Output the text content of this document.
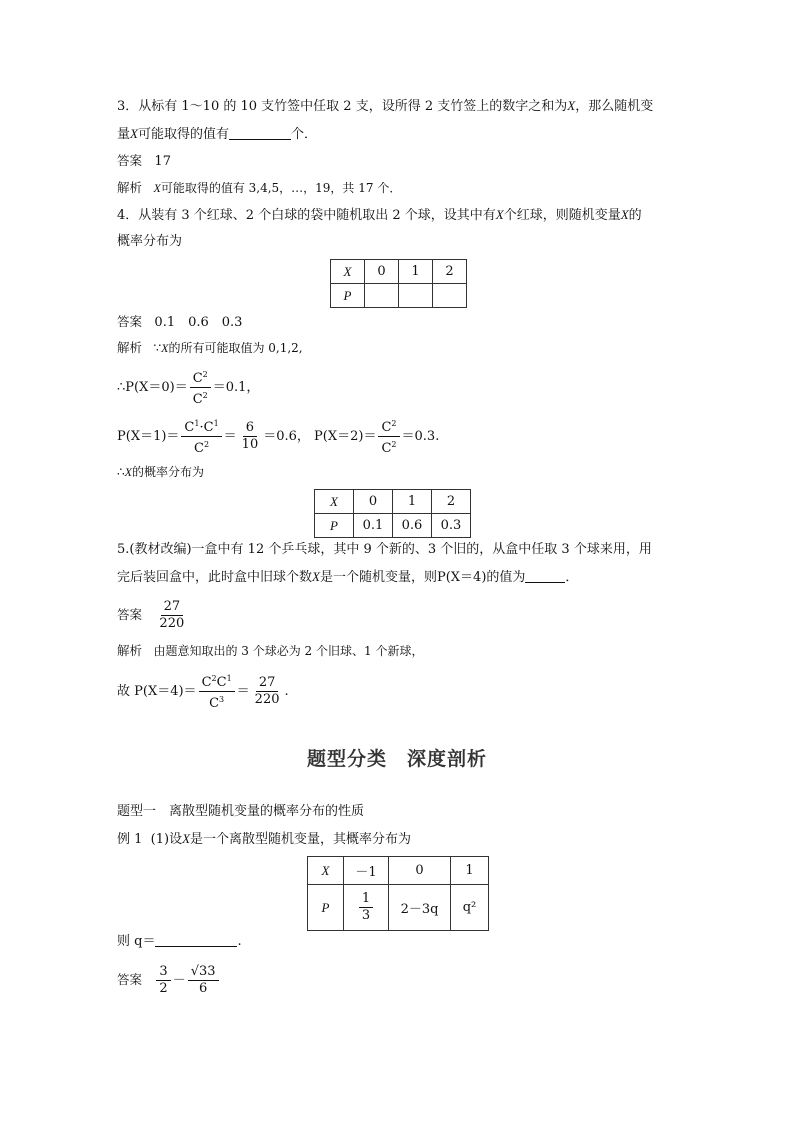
3．从标有 1～10 的 10 支竹签中任取 2 支，设所得 2 支竹签上的数字之和为X，那么随机变
量X可能取得的值有	个．
答案 17
解析 X可能取得的值有 3,4,5，…，19，共 17 个．
4．从装有 3 个红球、2 个白球的袋中随机取出 2 个球，设其中有X个红球，则随机变量X的
概率分布为
X	0	1	2
P			
答案 0.1　0.6　0.3
解析 ∵X的所有可能取值为 0,1,2,
∴P(X＝0)＝ $\frac{C^2}{C^2} =0.1$，
$P(X=1)= \frac{C^1\cdot C^1}{C^2} = \frac{6}{10} =0.6$， $P(X=2)= \frac{C^2}{C^2} =0.3$.
∴X的概率分布为
X	0	1	2
P	0.1	0.6	0.3
5.(教材改编)一盒中有 12 个乒乓球，其中 9 个新的、3 个旧的，从盒中任取 3 个球来用，用
完后装回盒中，此时盒中旧球个数X是一个随机变量，则P(X＝4)的值为	．
答案 $\frac{27}{220}$
解析 由题意知取出的 3 个球必为 2 个旧球、1 个新球，
故 $P(X=4)= \frac{C^2C^1}{C^3} = \frac{27}{220}$ .
题型分类　深度剖析
题型一　离散型随机变量的概率分布的性质
例 1 (1)设X是一个离散型随机变量，其概率分布为
X	－1	0	1
P	$\frac{1}{3}$	2－3q	q²
则 q＝	.
答案 $\frac{3}{2} - \frac{√33}{6}$
